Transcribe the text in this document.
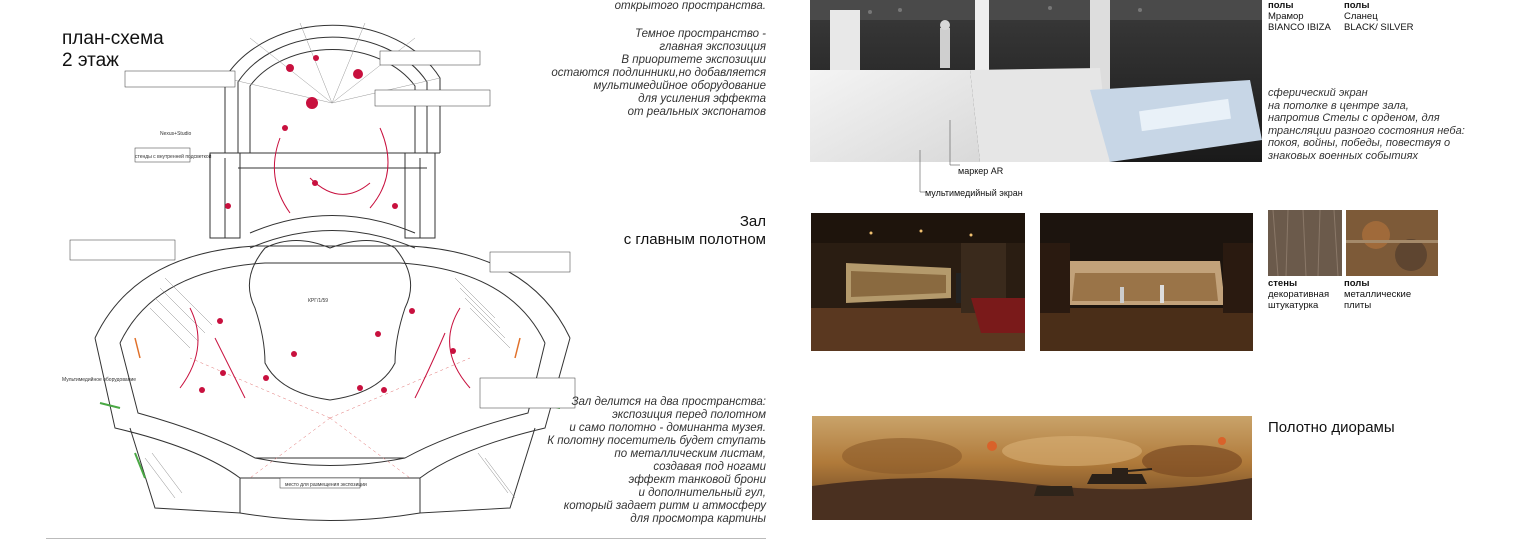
план-схема
2 этаж
КРГ/1/59
Мультимедийное оборудование
Nexus+Studio
стенды с внутренней подсветкой
место для размещения экспозиции
открытого пространства.
Темное пространство -
главная экспозиция
В приоритете экспозиции
остаются подлинники,но добавляется
мультимедийное оборудование
для усиления эффекта
от реальных экспонатов
Зал
с главным полотном
Зал делится на два пространства:
экспозиция перед полотном
и само полотно - доминанта музея.
К полотну посетитель будет ступать
по металлическим листам,
создавая под ногами
эффект танковой брони
и дополнительный гул,
который задает ритм и атмосферу
для просмотра картины
маркер AR
мультимедийный экран
полы
Мрамор
BIANCO IBIZA
полы
Сланец
BLACK/ SILVER
сферический экран
на потолке в центре зала,
напротив Стелы с орденом, для
трансляции разного состояния неба:
покоя, войны, победы, повествуя о
знаковых военных событиях
стены
декоративная
штукатурка
полы
металлические
плиты
Полотно диорамы
